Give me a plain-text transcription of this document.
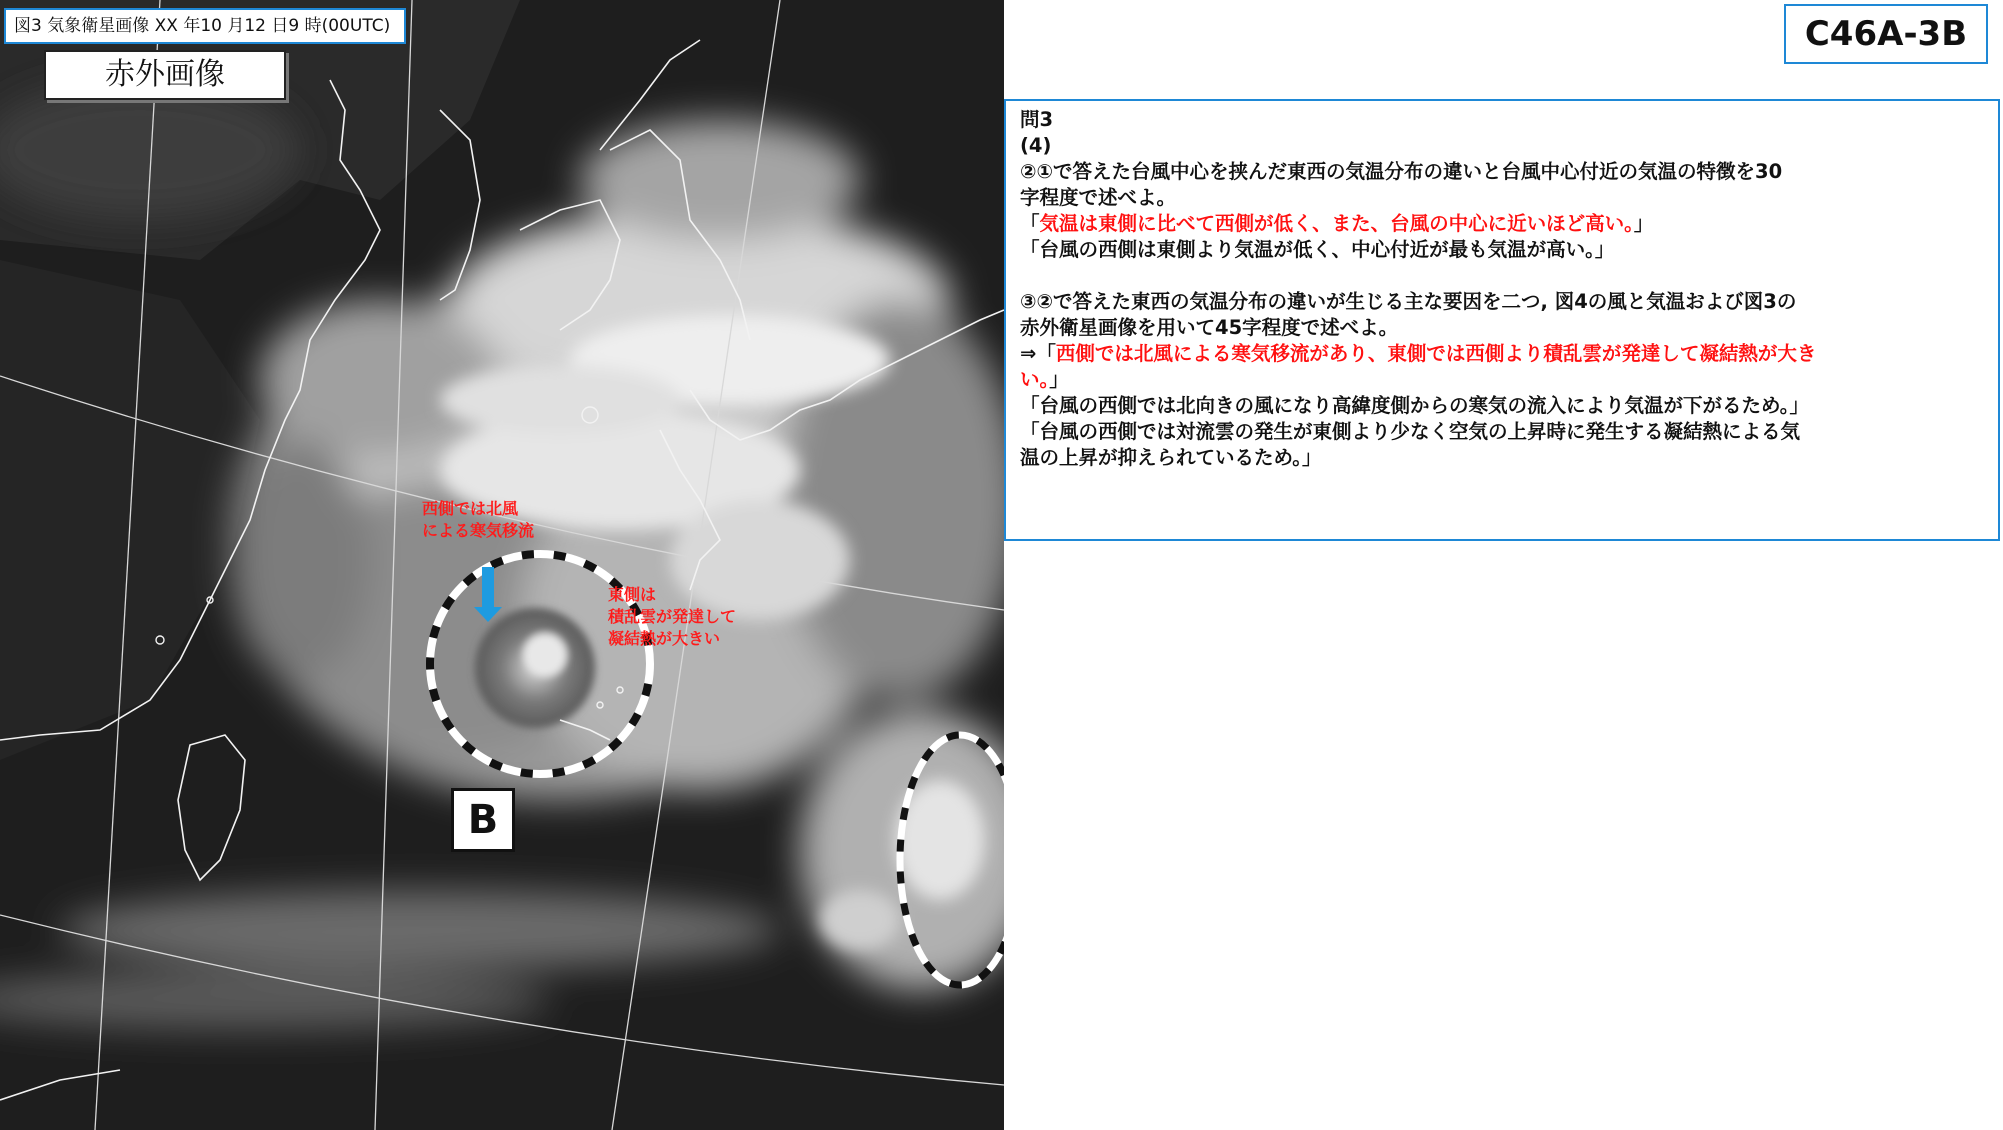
図3 気象衛星画像 XX 年10 月12 日9 時(00UTC)
赤外画像
B
西側では北風
による寒気移流
東側は
積乱雲が発達して
凝結熱が大きい
C46A-3B
問3
(4)
②①で答えた台風中心を挟んだ東西の気温分布の違いと台風中心付近の気温の特徴を30
字程度で述べよ。
「気温は東側に比べて西側が低く、また、台風の中心に近いほど高い。」
「台風の西側は東側より気温が低く、中心付近が最も気温が高い。」
③②で答えた東西の気温分布の違いが生じる主な要因を二つ, 図4の風と気温および図3の
赤外衛星画像を用いて45字程度で述べよ。
⇒「西側では北風による寒気移流があり、東側では西側より積乱雲が発達して凝結熱が大き
い。」
「台風の西側では北向きの風になり高緯度側からの寒気の流入により気温が下がるため。」
「台風の西側では対流雲の発生が東側より少なく空気の上昇時に発生する凝結熱による気
温の上昇が抑えられているため。」
